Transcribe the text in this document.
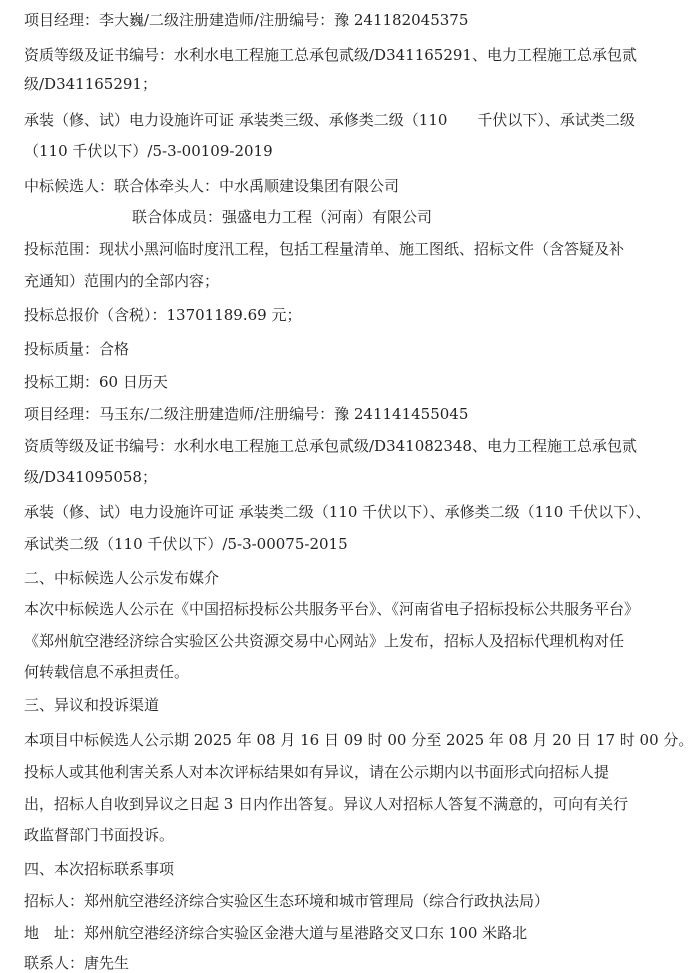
项目经理：李大巍/二级注册建造师/注册编号：豫 241182045375
资质等级及证书编号：水利水电工程施工总承包贰级/D341165291、电力工程施工总承包贰
级/D341165291；
承装（修、试）电力设施许可证 承装类三级、承修类二级（110　　千伏以下）、承试类二级
（110 千伏以下）/5-3-00109-2019
中标候选人：联合体牵头人：中水禹顺建设集团有限公司
联合体成员：强盛电力工程（河南）有限公司
投标范围：现状小黑河临时度汛工程，包括工程量清单、施工图纸、招标文件（含答疑及补
充通知）范围内的全部内容；
投标总报价（含税）：13701189.69 元；
投标质量：合格
投标工期：60 日历天
项目经理：马玉东/二级注册建造师/注册编号：豫 241141455045
资质等级及证书编号：水利水电工程施工总承包贰级/D341082348、电力工程施工总承包贰
级/D341095058；
承装（修、试）电力设施许可证 承装类二级（110 千伏以下）、承修类二级（110 千伏以下）、
承试类二级（110 千伏以下）/5-3-00075-2015
二、中标候选人公示发布媒介
本次中标候选人公示在《中国招标投标公共服务平台》、《河南省电子招标投标公共服务平台》
《郑州航空港经济综合实验区公共资源交易中心网站》上发布，招标人及招标代理机构对任
何转载信息不承担责任。
三、异议和投诉渠道
本项目中标候选人公示期 2025 年 08 月 16 日 09 时 00 分至 2025 年 08 月 20 日 17 时 00 分。
投标人或其他利害关系人对本次评标结果如有异议，请在公示期内以书面形式向招标人提
出，招标人自收到异议之日起 3 日内作出答复。异议人对招标人答复不满意的，可向有关行
政监督部门书面投诉。
四、本次招标联系事项
招标人：郑州航空港经济综合实验区生态环境和城市管理局（综合行政执法局）
地　址：郑州航空港经济综合实验区金港大道与星港路交叉口东 100 米路北
联系人：唐先生
